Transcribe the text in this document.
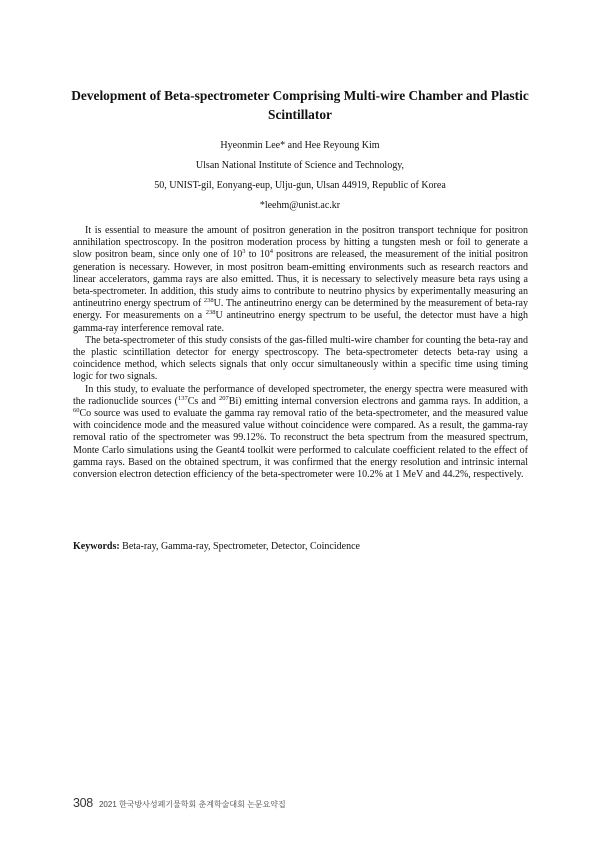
Development of Beta-spectrometer Comprising Multi-wire Chamber and Plastic Scintillator
Hyeonmin Lee* and Hee Reyoung Kim
Ulsan National Institute of Science and Technology,
50, UNIST-gil, Eonyang-eup, Ulju-gun, Ulsan 44919, Republic of Korea
*leehm@unist.ac.kr

It is essential to measure the amount of positron generation in the positron transport technique for positron annihilation spectroscopy. In the positron moderation process by hitting a tungsten mesh or foil to generate a slow positron beam, since only one of $10^3$ to $10^4$ positrons are released, the measurement of the initial positron generation is necessary. However, in most positron beam-emitting environments such as research reactors and linear accelerators, gamma rays are also emitted. Thus, it is necessary to selectively measure beta rays using a beta-spectrometer. In addition, this study aims to contribute to neutrino physics by experimentally measuring an antineutrino energy spectrum of $^{238}$U. The antineutrino energy can be determined by the measurement of beta-ray energy. For measurements on a $^{238}$U antineutrino energy spectrum to be useful, the detector must have a high gamma-ray interference removal rate.

The beta-spectrometer of this study consists of the gas-filled multi-wire chamber for counting the beta-ray and the plastic scintillation detector for energy spectroscopy. The beta-spectrometer detects beta-ray using a coincidence method, which selects signals that only occur simultaneously within a specific time using timing logic for two signals.

In this study, to evaluate the performance of developed spectrometer, the energy spectra were measured with the radionuclide sources ($^{137}$Cs and $^{207}$Bi) emitting internal conversion electrons and gamma rays. In addition, a $^{60}$Co source was used to evaluate the gamma ray removal ratio of the beta-spectrometer, and the measured value with coincidence mode and the measured value without coincidence were compared. As a result, the gamma-ray removal ratio of the spectrometer was 99.12%. To reconstruct the beta spectrum from the measured spectrum, Monte Carlo simulations using the Geant4 toolkit were performed to calculate coefficient related to the effect of gamma rays. Based on the obtained spectrum, it was confirmed that the energy resolution and intrinsic internal conversion electron detection efficiency of the beta-spectrometer were 10.2% at 1 MeV and 44.2%, respectively.

Keywords: Beta-ray, Gamma-ray, Spectrometer, Detector, Coincidence
308 2021 한국방사성폐기물학회 춘계학술대회 논문요약집
